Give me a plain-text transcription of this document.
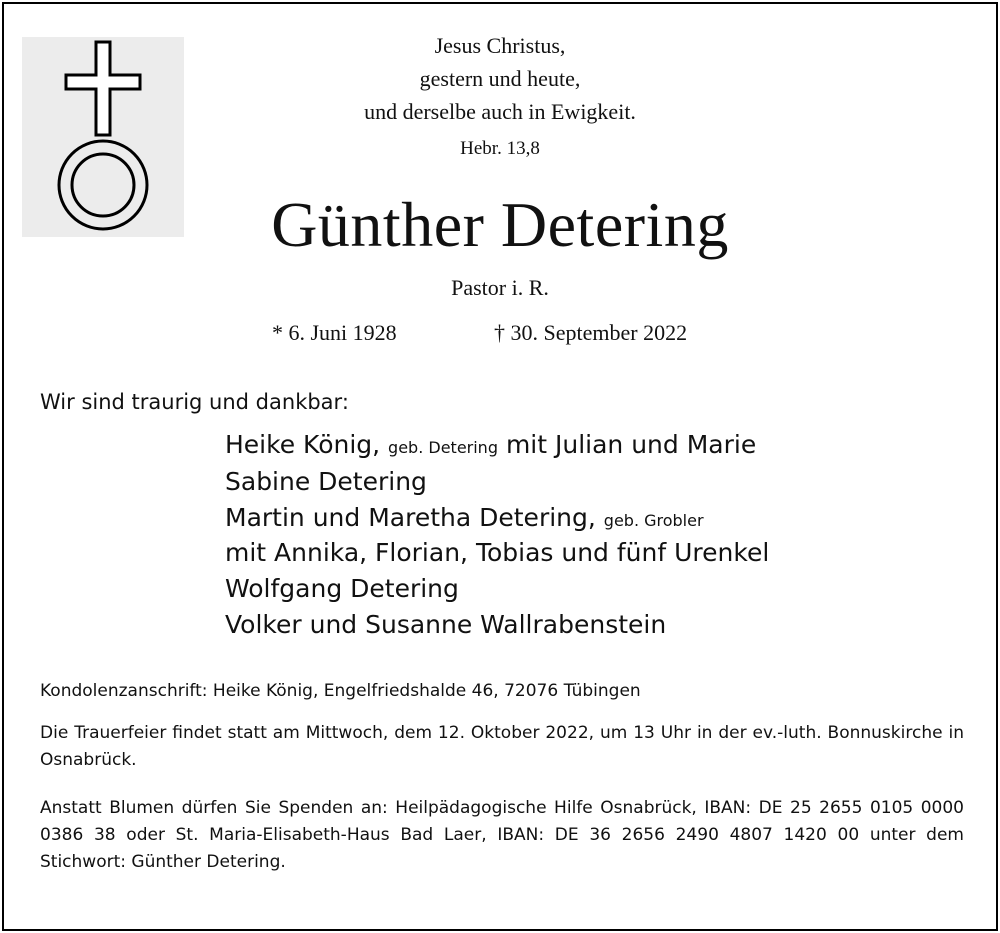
Jesus Christus,
gestern und heute,
und derselbe auch in Ewigkeit.
Hebr. 13,8
Günther Detering
Pastor i. R.
* 6. Juni 1928	† 30. September 2022
Wir sind traurig und dankbar:
Heike König, geb. Detering mit Julian und Marie
Sabine Detering
Martin und Maretha Detering, geb. Grobler
mit Annika, Florian, Tobias und fünf Urenkel
Wolfgang Detering
Volker und Susanne Wallrabenstein
Kondolenzanschrift: Heike König, Engelfriedshalde 46, 72076 Tübingen
Die Trauerfeier findet statt am Mittwoch, dem 12. Oktober 2022, um 13 Uhr in der ev.-luth. Bonnuskirche in Osnabrück.
Anstatt Blumen dürfen Sie Spenden an: Heilpädagogische Hilfe Osnabrück, IBAN: DE 25 2655 0105 0000 0386 38 oder St. Maria-Elisabeth-Haus Bad Laer, IBAN: DE 36 2656 2490 4807 1420 00 unter dem Stichwort: Günther Detering.
